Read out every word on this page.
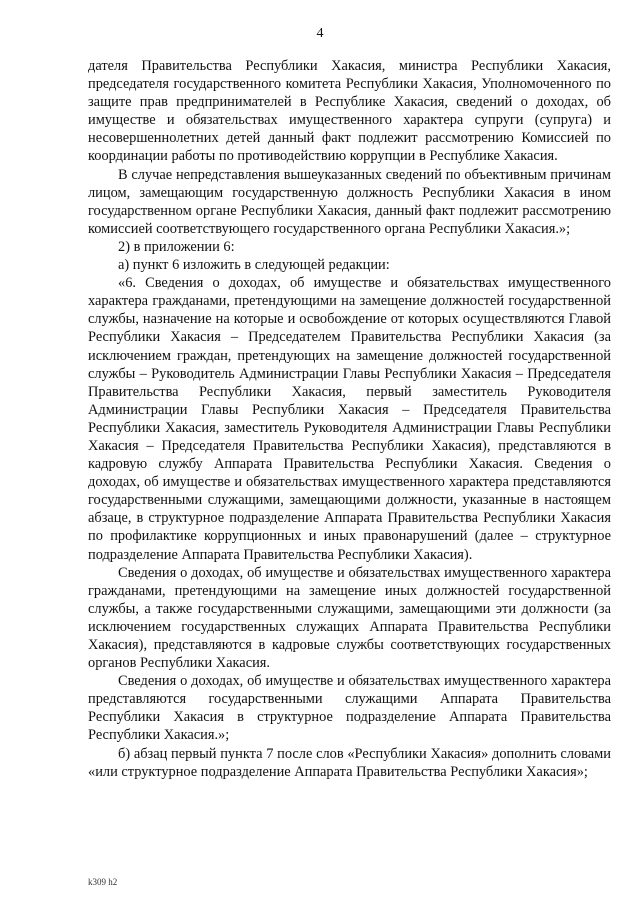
4

дателя Правительства Республики Хакасия, министра Республики Хакасия, председателя государственного комитета Республики Хакасия, Уполномоченного по защите прав предпринимателей в Республике Хакасия, сведений о доходах, об имуществе и обязательствах имущественного характера супруги (супруга) и несовершеннолетних детей данный факт подлежит рассмотрению Комиссией по координации работы по противодействию коррупции в Республике Хакасия.

В случае непредставления вышеуказанных сведений по объективным причинам лицом, замещающим государственную должность Республики Хакасия в ином государственном органе Республики Хакасия, данный факт подлежит рассмотрению комиссией соответствующего государственного органа Республики Хакасия.»;

2) в приложении 6:

а) пункт 6 изложить в следующей редакции:

«6. Сведения о доходах, об имуществе и обязательствах имущественного характера гражданами, претендующими на замещение должностей государственной службы, назначение на которые и освобождение от которых осуществляются Главой Республики Хакасия – Председателем Правительства Республики Хакасия (за исключением граждан, претендующих на замещение должностей государственной службы – Руководитель Администрации Главы Республики Хакасия – Председателя Правительства Республики Хакасия, первый заместитель Руководителя Администрации Главы Республики Хакасия – Председателя Правительства Республики Хакасия, заместитель Руководителя Администрации Главы Республики Хакасия – Председателя Правительства Республики Хакасия), представляются в кадровую службу Аппарата Правительства Республики Хакасия. Сведения о доходах, об имуществе и обязательствах имущественного характера представляются государственными служащими, замещающими должности, указанные в настоящем абзаце, в структурное подразделение Аппарата Правительства Республики Хакасия по профилактике коррупционных и иных правонарушений (далее – структурное подразделение Аппарата Правительства Республики Хакасия).

Сведения о доходах, об имуществе и обязательствах имущественного характера гражданами, претендующими на замещение иных должностей государственной службы, а также государственными служащими, замещающими эти должности (за исключением государственных служащих Аппарата Правительства Республики Хакасия), представляются в кадровые службы соответствующих государственных органов Республики Хакасия.

Сведения о доходах, об имуществе и обязательствах имущественного характера представляются государственными служащими Аппарата Правительства Республики Хакасия в структурное подразделение Аппарата Правительства Республики Хакасия.»;

б) абзац первый пункта 7 после слов «Республики Хакасия» дополнить словами «или структурное подразделение Аппарата Правительства Республики Хакасия»;

k309 h2
